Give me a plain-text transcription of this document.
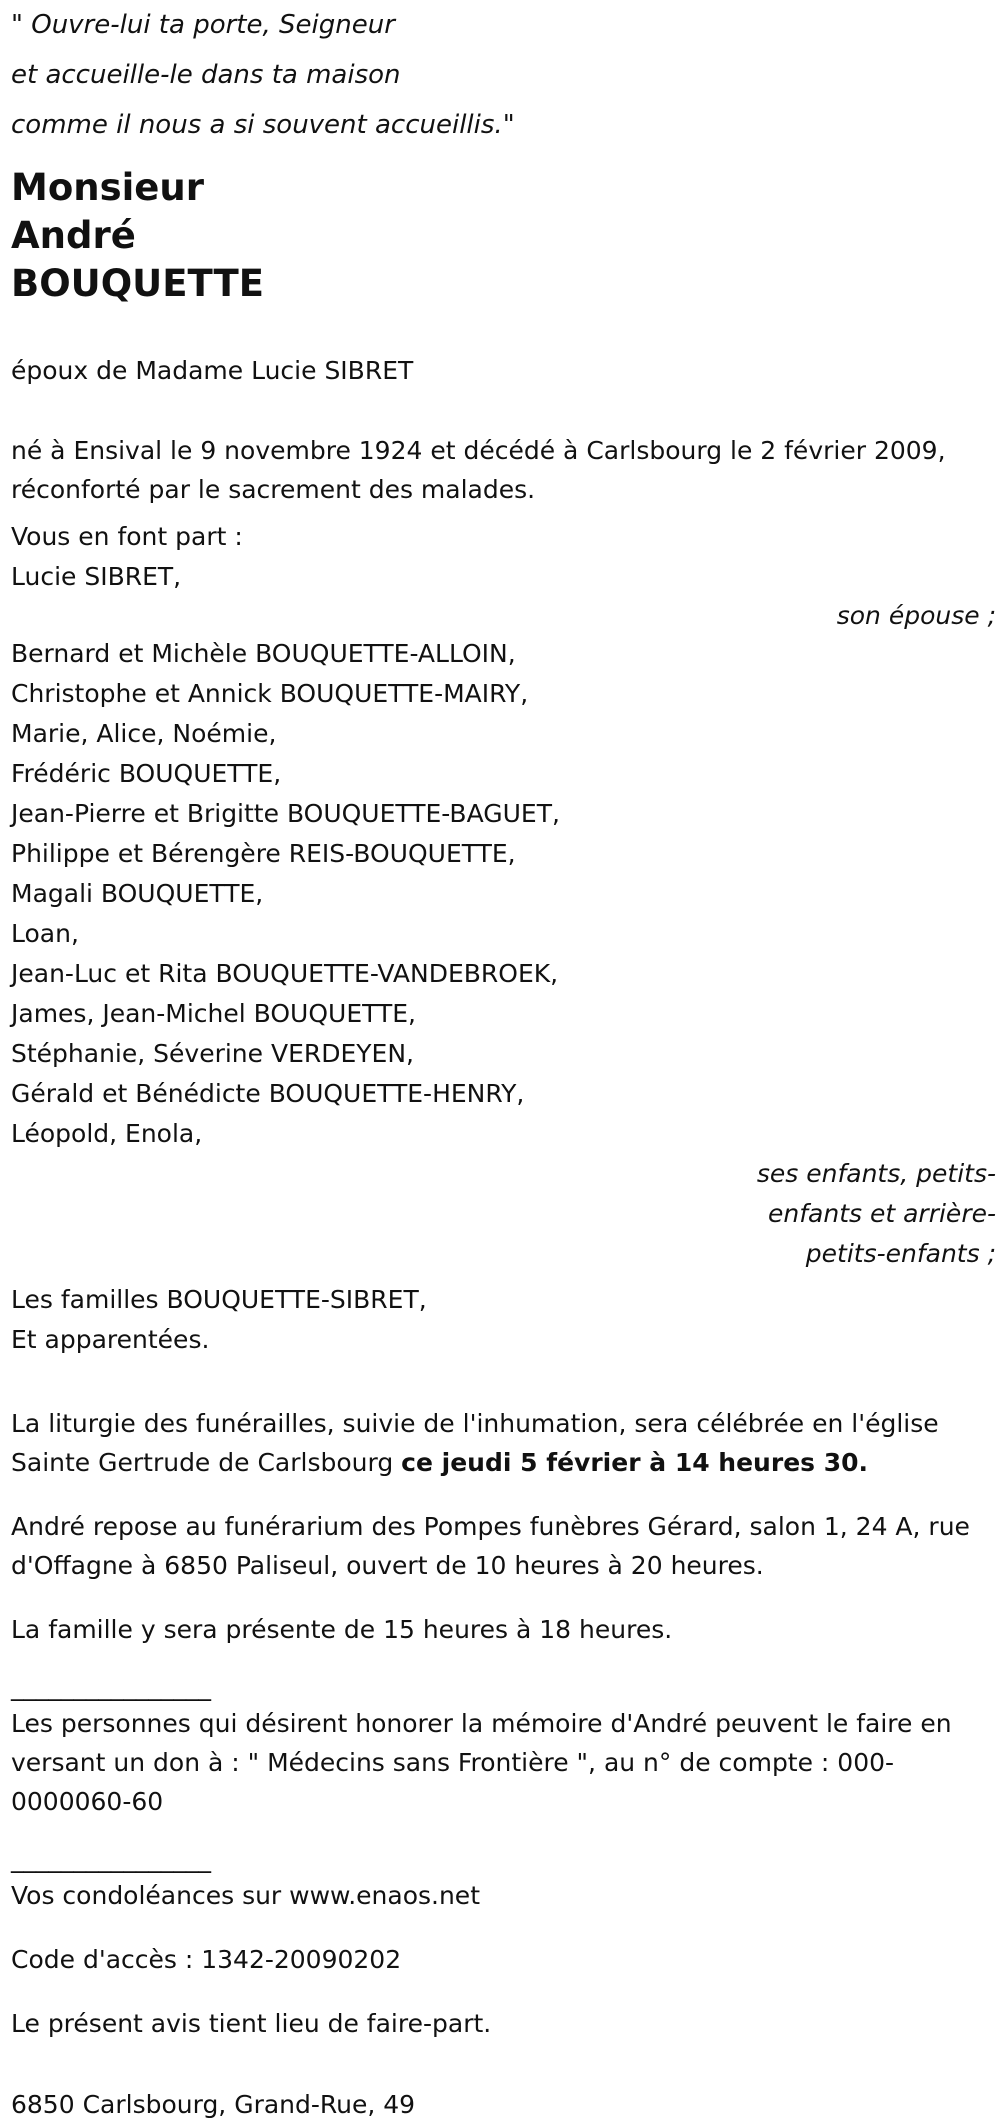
" Ouvre-lui ta porte, Seigneur

et accueille-le dans ta maison

comme il nous a si souvent accueillis."

Monsieur

André

BOUQUETTE

époux de Madame Lucie SIBRET

né à Ensival le 9 novembre 1924 et décédé à Carlsbourg le 2 février 2009,

réconforté par le sacrement des malades.

Vous en font part :

Lucie SIBRET,

son épouse ;

Bernard et Michèle BOUQUETTE-ALLOIN,

Christophe et Annick BOUQUETTE-MAIRY,

Marie, Alice, Noémie,

Frédéric BOUQUETTE,

Jean-Pierre et Brigitte BOUQUETTE-BAGUET,

Philippe et Bérengère REIS-BOUQUETTE,

Magali BOUQUETTE,

Loan,

Jean-Luc et Rita BOUQUETTE-VANDEBROEK,

James, Jean-Michel BOUQUETTE,

Stéphanie, Séverine VERDEYEN,

Gérald et Bénédicte BOUQUETTE-HENRY,

Léopold, Enola,

ses enfants, petits-

enfants et arrière-

petits-enfants ;

Les familles BOUQUETTE-SIBRET,

Et apparentées.

La liturgie des funérailles, suivie de l'inhumation, sera célébrée en l'église Sainte Gertrude de Carlsbourg ce jeudi 5 février à 14 heures 30.

André repose au funérarium des Pompes funèbres Gérard, salon 1, 24 A, rue d'Offagne à 6850 Paliseul, ouvert de 10 heures à 20 heures.

La famille y sera présente de 15 heures à 18 heures.

________________

Les personnes qui désirent honorer la mémoire d'André peuvent le faire en versant un don à : " Médecins sans Frontière ", au n° de compte : 000-0000060-60

________________

Vos condoléances sur www.enaos.net

Code d'accès : 1342-20090202

Le présent avis tient lieu de faire-part.

6850 Carlsbourg, Grand-Rue, 49
